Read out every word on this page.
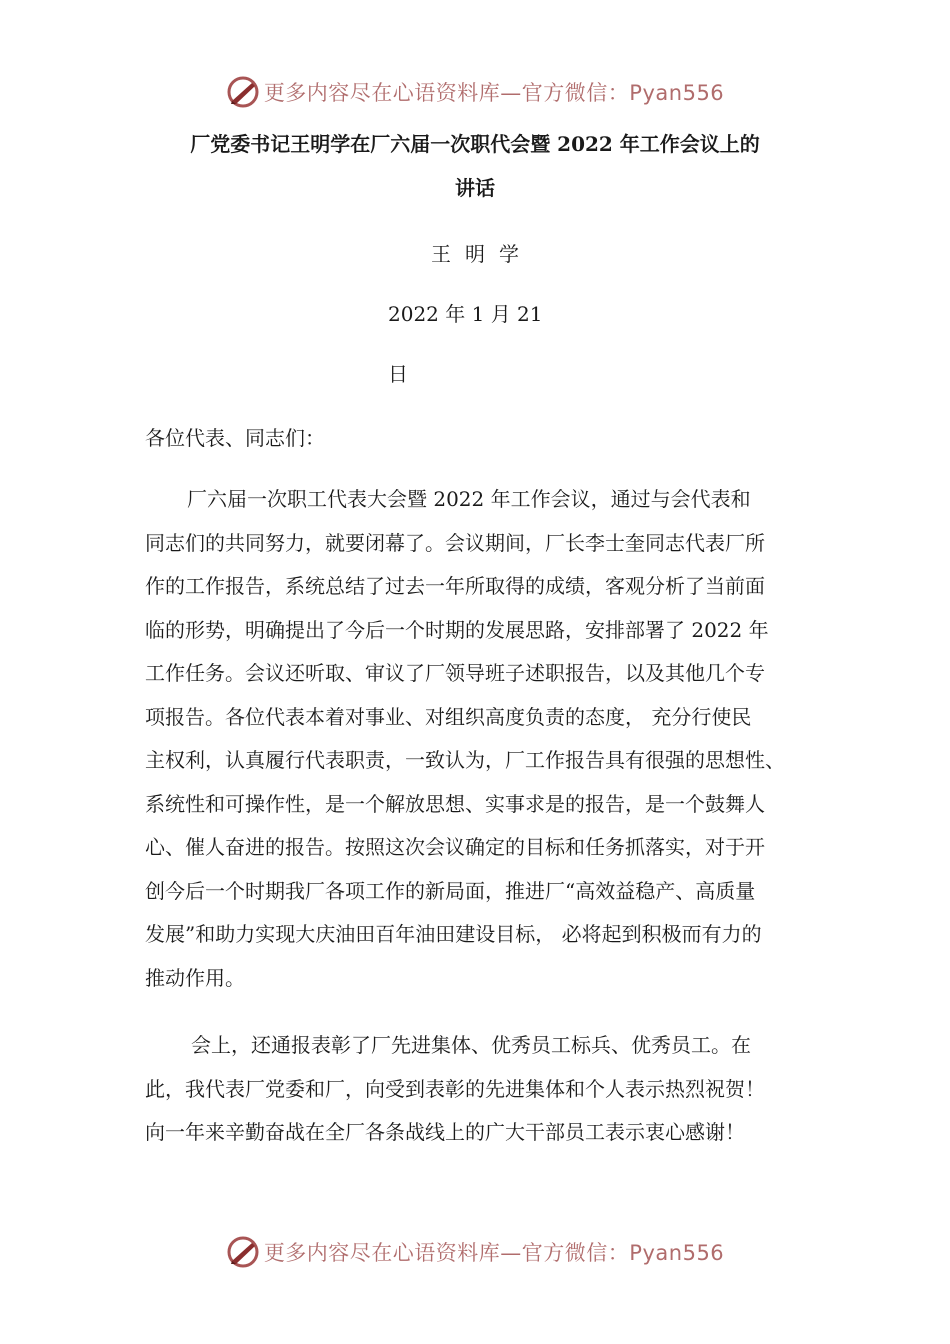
更多内容尽在心语资料库—官方微信：Pyan556
厂党委书记王明学在厂六届一次职代会暨 2022 年工作会议上的
讲话
王明学
2022 年 1 月 21
日
各位代表、同志们：
厂六届一次职工代表大会暨 2022 年工作会议，通过与会代表和
同志们的共同努力，就要闭幕了。会议期间，厂长李士奎同志代表厂所
作的工作报告，系统总结了过去一年所取得的成绩，客观分析了当前面
临的形势，明确提出了今后一个时期的发展思路，安排部署了 2022 年
工作任务。会议还听取、审议了厂领导班子述职报告，以及其他几个专
项报告。各位代表本着对事业、对组织高度负责的态度， 充分行使民
主权利，认真履行代表职责，一致认为，厂工作报告具有很强的思想性、
系统性和可操作性，是一个解放思想、实事求是的报告，是一个鼓舞人
心、催人奋进的报告。按照这次会议确定的目标和任务抓落实，对于开
创今后一个时期我厂各项工作的新局面，推进厂“高效益稳产、高质量
发展”和助力实现大庆油田百年油田建设目标， 必将起到积极而有力的
推动作用。
会上，还通报表彰了厂先进集体、优秀员工标兵、优秀员工。在
此，我代表厂党委和厂，向受到表彰的先进集体和个人表示热烈祝贺！
向一年来辛勤奋战在全厂各条战线上的广大干部员工表示衷心感谢！
更多内容尽在心语资料库—官方微信：Pyan556
